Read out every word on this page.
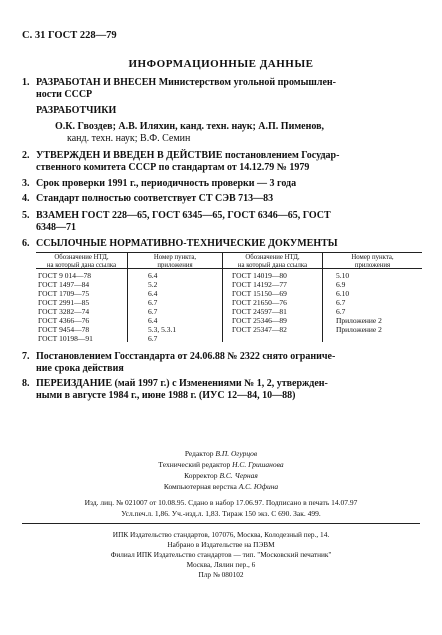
С. 31 ГОСТ 228—79
ИНФОРМАЦИОННЫЕ ДАННЫЕ
1. РАЗРАБОТАН И ВНЕСЕН Министерством угольной промышлен-
ности СССР
РАЗРАБОТЧИКИ
О.К. Гвоздев; А.В. Иляхин, канд. техн. наук; А.П. Пименов,
канд. техн. наук; В.Ф. Семин
2. УТВЕРЖДЕН И ВВЕДЕН В ДЕЙСТВИЕ постановлением Государ-
ственного комитета СССР по стандартам от 14.12.79 № 1979
3. Срок проверки 1991 г., периодичность проверки — 3 года
4. Стандарт полностью соответствует СТ СЭВ 713—83
5. ВЗАМЕН ГОСТ 228—65, ГОСТ 6345—65, ГОСТ 6346—65, ГОСТ
6348—71
6. ССЫЛОЧНЫЕ НОРМАТИВНО-ТЕХНИЧЕСКИЕ ДОКУМЕНТЫ
Обозначение НТД,
на который дана ссылка
Номер пункта,
приложения
Обозначение НТД,
на который дана ссылка
Номер пункта,
приложения
ГОСТ 9 014—78	6.4
ГОСТ 1497—84	5.2
ГОСТ 1709—75	6.4
ГОСТ 2991—85	6.7
ГОСТ 3282—74	6.7
ГОСТ 4366—76	6.4
ГОСТ 9454—78	5.3, 5.3.1
ГОСТ 10198—91	6.7
ГОСТ 14019—80	5.10
ГОСТ 14192—77	6.9
ГОСТ 15150—69	6.10
ГОСТ 21650—76	6.7
ГОСТ 24597—81	6.7
ГОСТ 25346—89	Приложение 2
ГОСТ 25347—82	Приложение 2
7. Постановлением Госстандарта от 24.06.88 № 2322 снято ограниче-
ние срока действия
8. ПЕРЕИЗДАНИЕ (май 1997 г.) с Изменениями № 1, 2, утвержден-
ными в августе 1984 г., июне 1988 г. (ИУС 12—84, 10—88)
Редактор В.П. Огурцов
Технический редактор Н.С. Гришанова
Корректор В.С. Черная
Компьютерная верстка А.С. Юфина
Изд. лиц. № 021007 от 10.08.95. Сдано в набор 17.06.97. Подписано в печать 14.07.97
Усл.печ.л. 1,86. Уч.-изд.л. 1,83. Тираж 150 экз. С 690. Зак. 499.
ИПК Издательство стандартов, 107076, Москва, Колодезный пер., 14.
Набрано в Издательстве на ПЭВМ
Филиал ИПК Издательство стандартов — тип. "Московский печатник"
Москва, Лялин пер., 6
Плр № 080102
